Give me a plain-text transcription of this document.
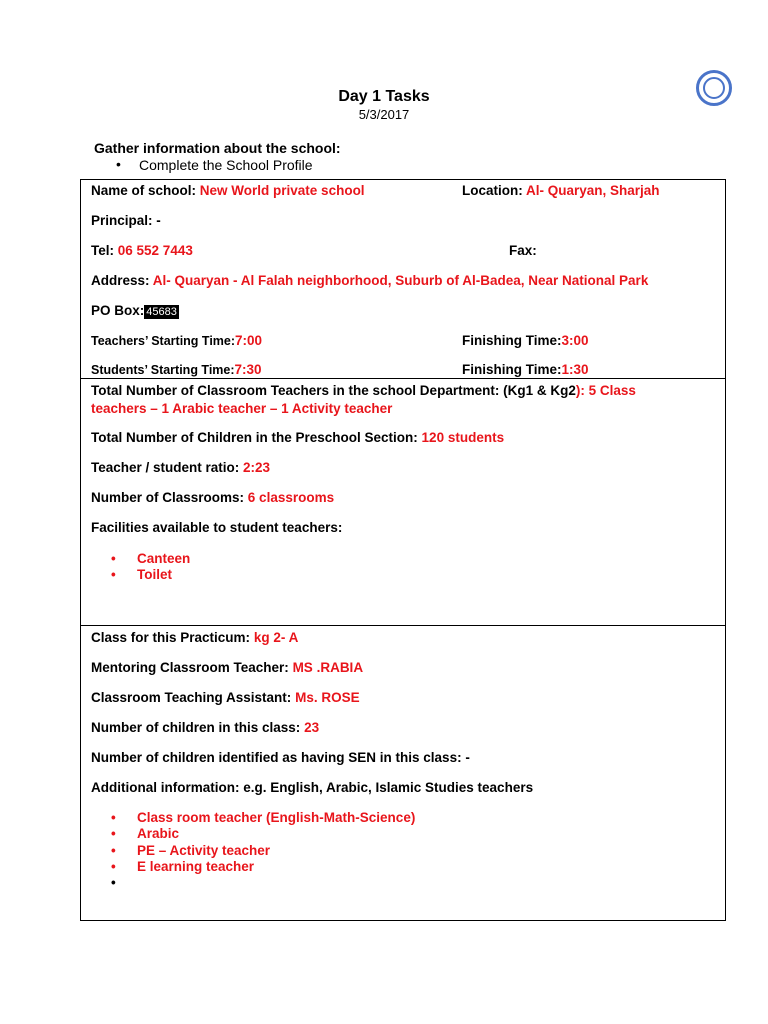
Day 1 Tasks
5/3/2017
Gather information about the school:
• Complete the School Profile
Name of school: New World private school	Location: Al- Quaryan, Sharjah
Principal: -
Tel: 06 552 7443	Fax:
Address: Al- Quaryan - Al Falah neighborhood, Suburb of Al-Badea, Near National Park
PO Box: 45683
Teachers’ Starting Time:7:00	Finishing Time:3:00
Students’ Starting Time:7:30	Finishing Time:1:30
Total Number of Classroom Teachers in the school Department: (Kg1 & Kg2): 5 Class
teachers – 1 Arabic teacher – 1 Activity teacher
Total Number of Children in the Preschool Section: 120 students
Teacher / student ratio: 2:23
Number of Classrooms: 6 classrooms
Facilities available to student teachers:
• Canteen
• Toilet
Class for this Practicum: kg 2- A
Mentoring Classroom Teacher: MS .RABIA
Classroom Teaching Assistant: Ms. ROSE
Number of children in this class: 23
Number of children identified as having SEN in this class: -
Additional information: e.g. English, Arabic, Islamic Studies teachers
• Class room teacher (English-Math-Science)
• Arabic
• PE – Activity teacher
• E learning teacher
•
